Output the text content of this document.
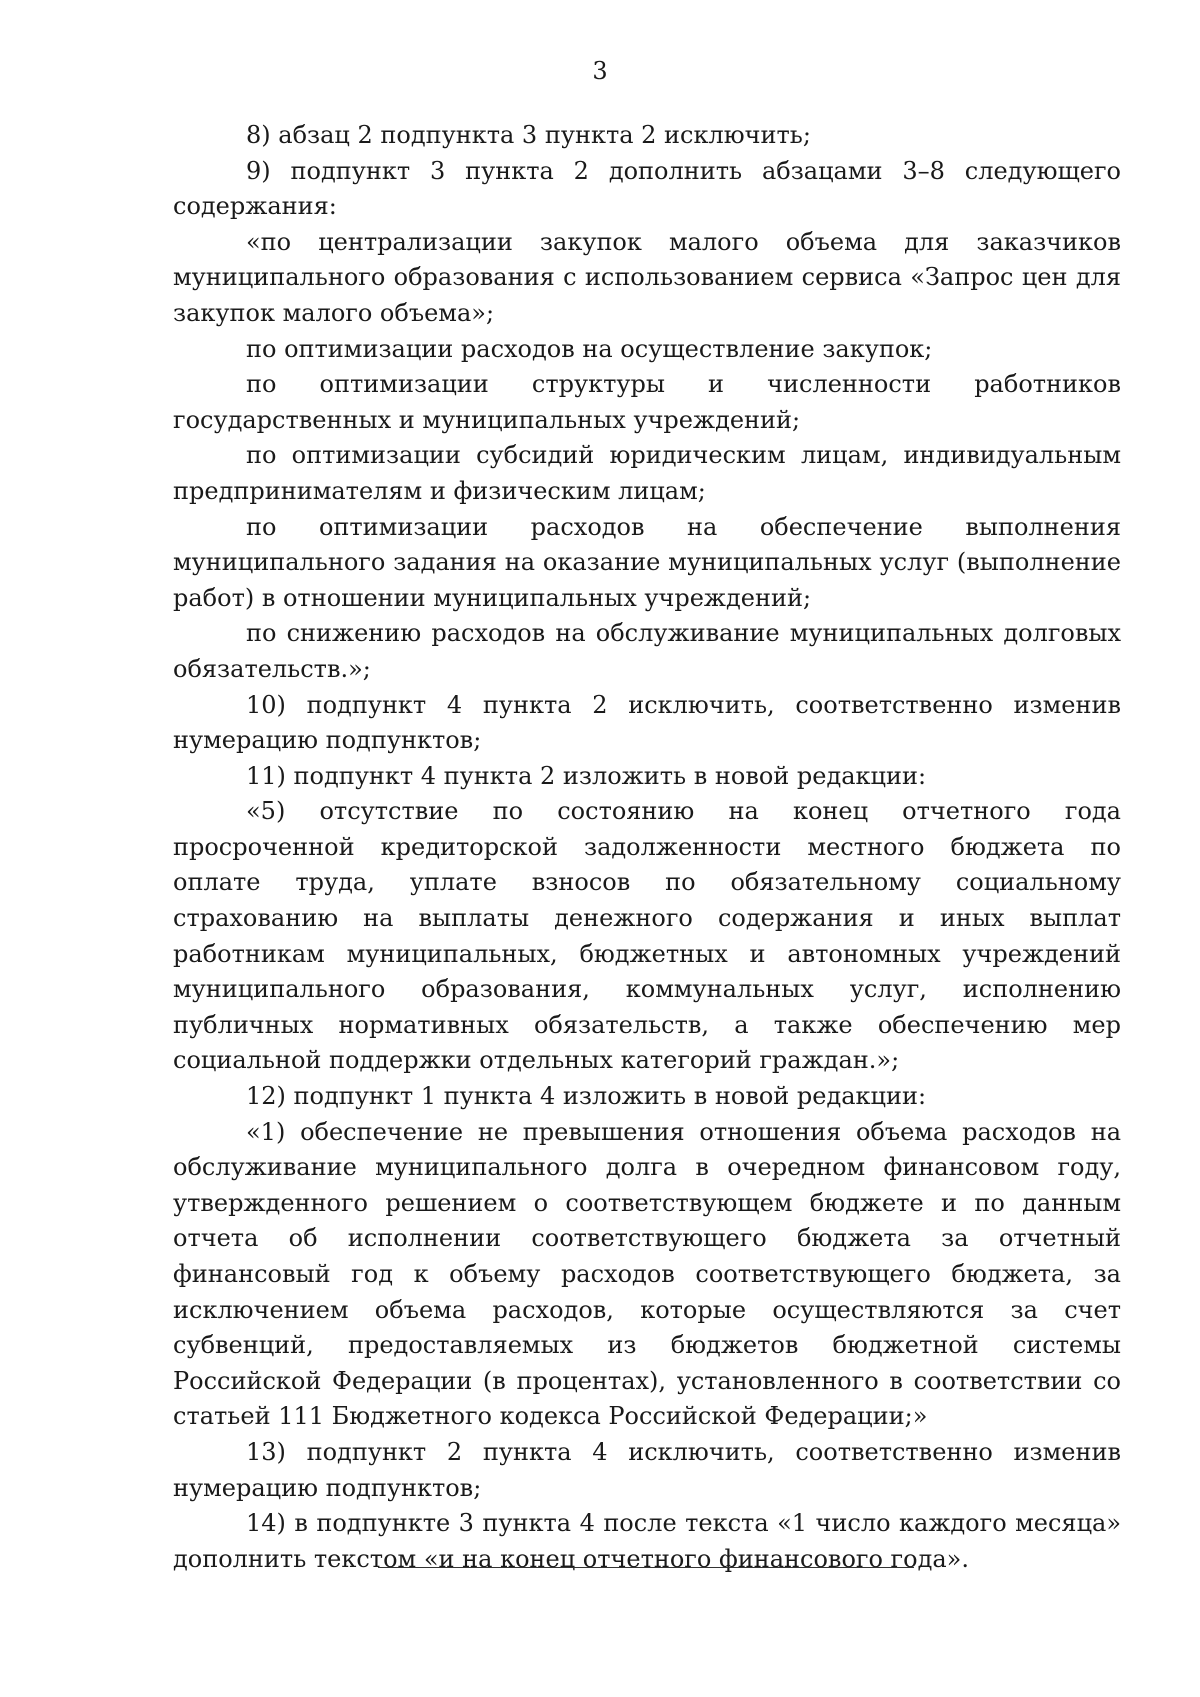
3

8) абзац 2 подпункта 3 пункта 2 исключить;

9) подпункт 3 пункта 2 дополнить абзацами 3–8 следующего содержания:

«по централизации закупок малого объема для заказчиков муниципального образования с использованием сервиса «Запрос цен для закупок малого объема»;

по оптимизации расходов на осуществление закупок;

по оптимизации структуры и численности работников государственных и муниципальных учреждений;

по оптимизации субсидий юридическим лицам, индивидуальным предпринимателям и физическим лицам;

по оптимизации расходов на обеспечение выполнения муниципального задания на оказание муниципальных услуг (выполнение работ) в отношении муниципальных учреждений;

по снижению расходов на обслуживание муниципальных долговых обязательств.»;

10) подпункт 4 пункта 2 исключить, соответственно изменив нумерацию подпунктов;

11) подпункт 4 пункта 2 изложить в новой редакции:

«5) отсутствие по состоянию на конец отчетного года просроченной кредиторской задолженности местного бюджета по оплате труда, уплате взносов по обязательному социальному страхованию на выплаты денежного содержания и иных выплат работникам муниципальных, бюджетных и автономных учреждений муниципального образования, коммунальных услуг, исполнению публичных нормативных обязательств, а также обеспечению мер социальной поддержки отдельных категорий граждан.»;

12) подпункт 1 пункта 4 изложить в новой редакции:

«1) обеспечение не превышения отношения объема расходов на обслуживание муниципального долга в очередном финансовом году, утвержденного решением о соответствующем бюджете и по данным отчета об исполнении соответствующего бюджета за отчетный финансовый год к объему расходов соответствующего бюджета, за исключением объема расходов, которые осуществляются за счет субвенций, предоставляемых из бюджетов бюджетной системы Российской Федерации (в процентах), установленного в соответствии со статьей 111 Бюджетного кодекса Российской Федерации;»

13) подпункт 2 пункта 4 исключить, соответственно изменив нумерацию подпунктов;

14) в подпункте 3 пункта 4 после текста «1 число каждого месяца» дополнить текстом «и на конец отчетного финансового года».
